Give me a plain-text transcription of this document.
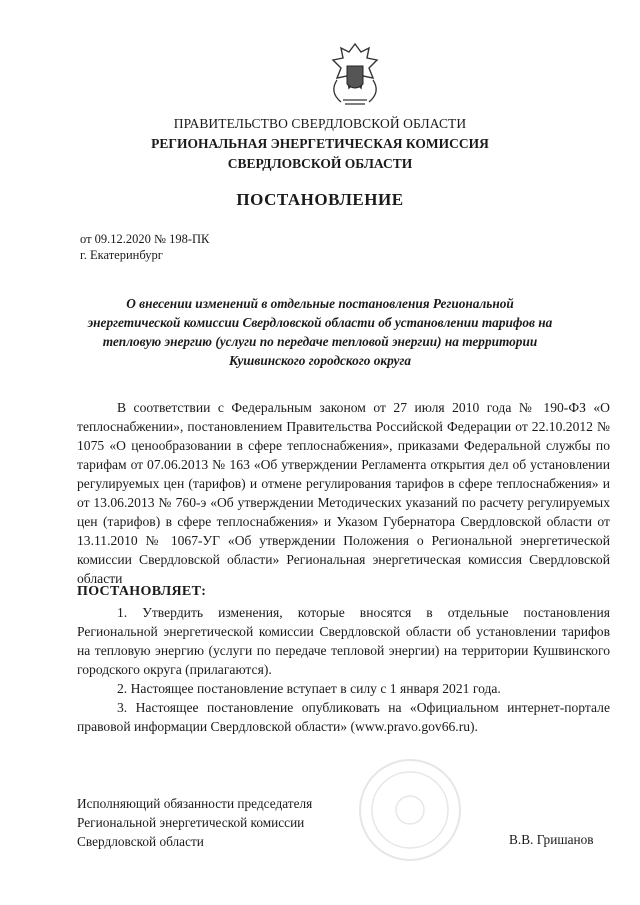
ПРАВИТЕЛЬСТВО СВЕРДЛОВСКОЙ ОБЛАСТИ
РЕГИОНАЛЬНАЯ ЭНЕРГЕТИЧЕСКАЯ КОМИССИЯ
СВЕРДЛОВСКОЙ ОБЛАСТИ
ПОСТАНОВЛЕНИЕ
от 09.12.2020 № 198-ПК
г. Екатеринбург
О внесении изменений в отдельные постановления Региональной энергетической комиссии Свердловской области об установлении тарифов на тепловую энергию (услуги по передаче тепловой энергии) на территории Кушвинского городского округа

В соответствии с Федеральным законом от 27 июля 2010 года № 190-ФЗ «О теплоснабжении», постановлением Правительства Российской Федерации от 22.10.2012 № 1075 «О ценообразовании в сфере теплоснабжения», приказами Федеральной службы по тарифам от 07.06.2013 № 163 «Об утверждении Регламента открытия дел об установлении регулируемых цен (тарифов) и отмене регулирования тарифов в сфере теплоснабжения» и от 13.06.2013 № 760-э «Об утверждении Методических указаний по расчету регулируемых цен (тарифов) в сфере теплоснабжения» и Указом Губернатора Свердловской области от 13.11.2010 № 1067-УГ «Об утверждении Положения о Региональной энергетической комиссии Свердловской области» Региональная энергетическая комиссия Свердловской области

ПОСТАНОВЛЯЕТ:

1. Утвердить изменения, которые вносятся в отдельные постановления Региональной энергетической комиссии Свердловской области об установлении тарифов на тепловую энергию (услуги по передаче тепловой энергии) на территории Кушвинского городского округа (прилагаются).

2. Настоящее постановление вступает в силу с 1 января 2021 года.

3. Настоящее постановление опубликовать на «Официальном интернет-портале правовой информации Свердловской области» (www.pravo.gov66.ru).

Исполняющий обязанности председателя
Региональной энергетической комиссии
Свердловской области	В.В. Гришанов
